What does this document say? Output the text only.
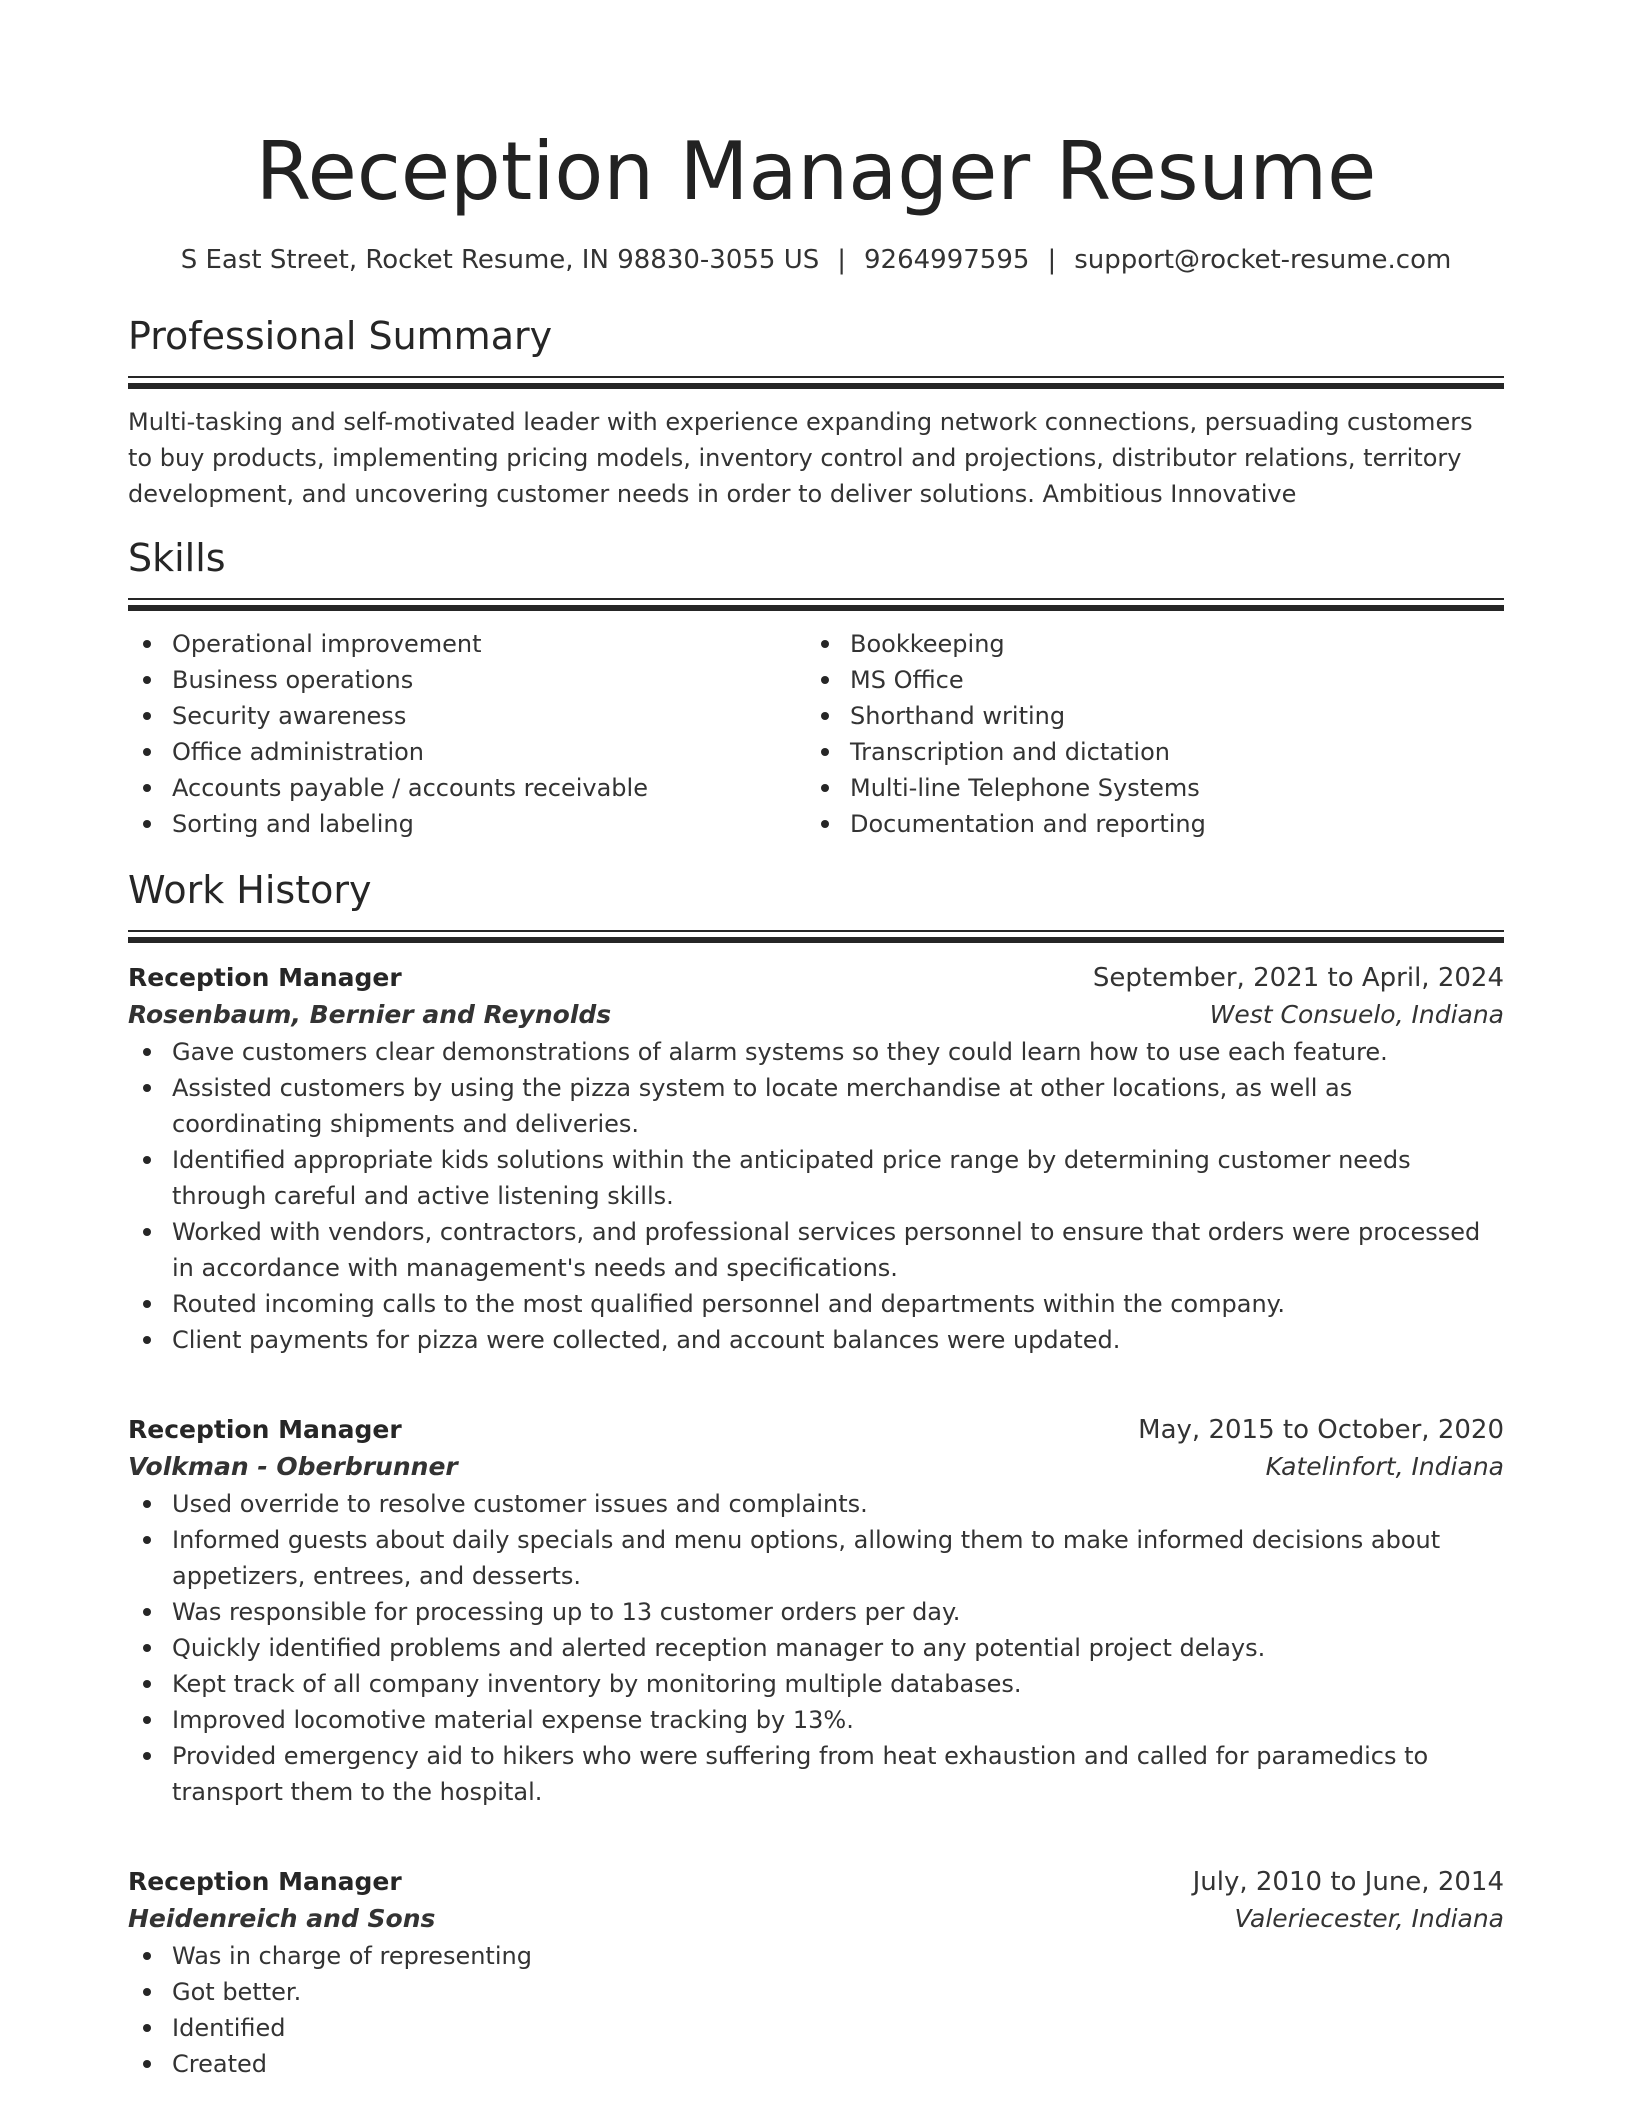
Reception Manager Resume
S East Street, Rocket Resume, IN 98830-3055 US | 9264997595 | support@rocket-resume.com
Professional Summary

Multi-tasking and self-motivated leader with experience expanding network connections, persuading customers to buy products, implementing pricing models, inventory control and projections, distributor relations, territory development, and uncovering customer needs in order to deliver solutions. Ambitious Innovative

Skills
Operational improvement
Business operations
Security awareness
Office administration
Accounts payable / accounts receivable
Sorting and labeling
Bookkeeping
MS Office
Shorthand writing
Transcription and dictation
Multi-line Telephone Systems
Documentation and reporting
Work History
Reception Manager	September, 2021 to April, 2024
Rosenbaum, Bernier and Reynolds	West Consuelo, Indiana
Gave customers clear demonstrations of alarm systems so they could learn how to use each feature.
Assisted customers by using the pizza system to locate merchandise at other locations, as well as coordinating shipments and deliveries.
Identified appropriate kids solutions within the anticipated price range by determining customer needs through careful and active listening skills.
Worked with vendors, contractors, and professional services personnel to ensure that orders were processed in accordance with management's needs and specifications.
Routed incoming calls to the most qualified personnel and departments within the company.
Client payments for pizza were collected, and account balances were updated.
Reception Manager	May, 2015 to October, 2020
Volkman - Oberbrunner	Katelinfort, Indiana
Used override to resolve customer issues and complaints.
Informed guests about daily specials and menu options, allowing them to make informed decisions about appetizers, entrees, and desserts.
Was responsible for processing up to 13 customer orders per day.
Quickly identified problems and alerted reception manager to any potential project delays.
Kept track of all company inventory by monitoring multiple databases.
Improved locomotive material expense tracking by 13%.
Provided emergency aid to hikers who were suffering from heat exhaustion and called for paramedics to transport them to the hospital.
Reception Manager	July, 2010 to June, 2014
Heidenreich and Sons	Valeriecester, Indiana
Was in charge of representing
Got better.
Identified
Created
